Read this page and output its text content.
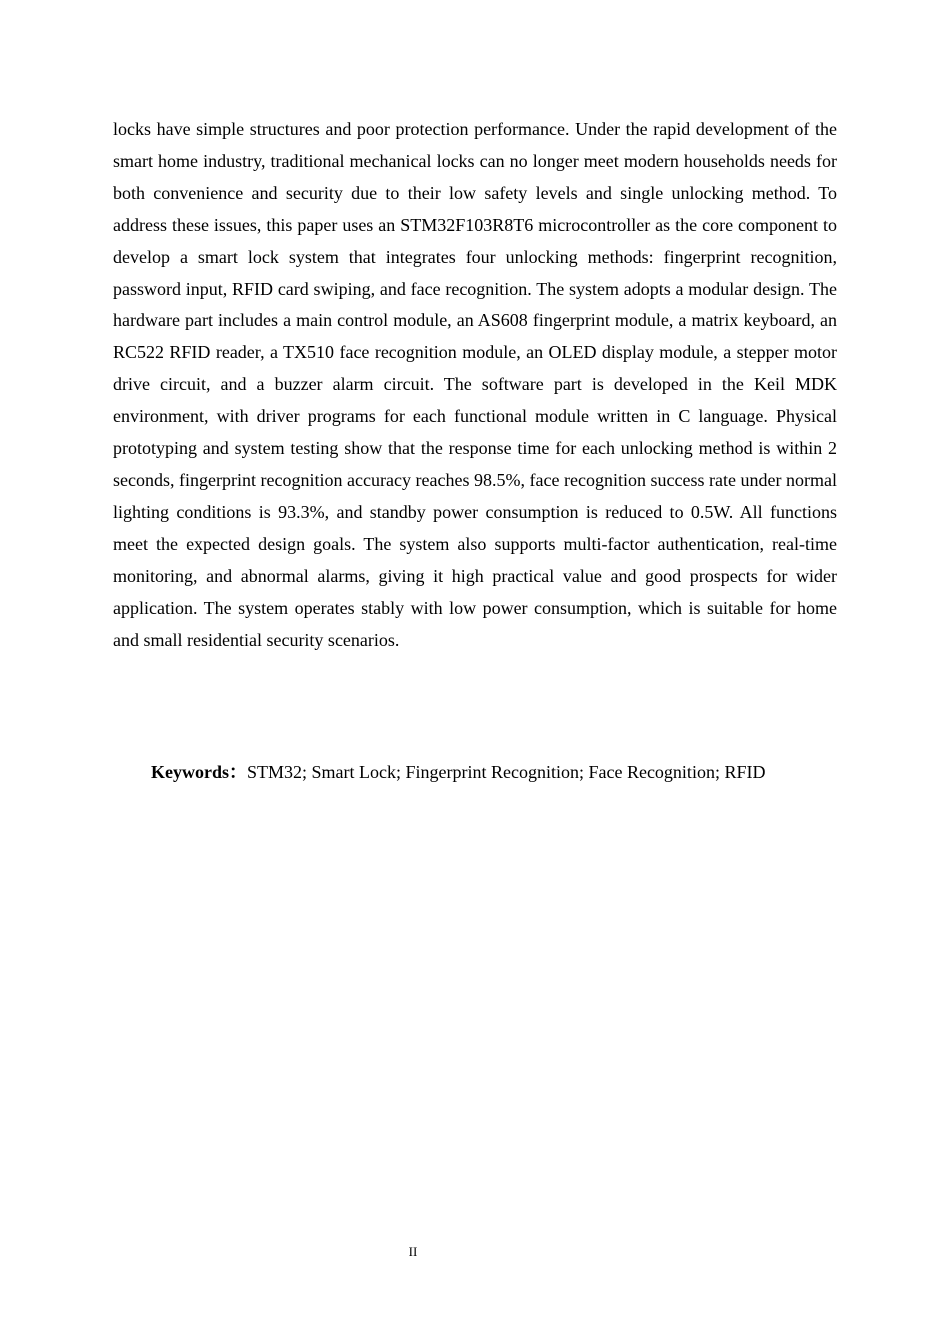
locks have simple structures and poor protection performance. Under the rapid development of the smart home industry, traditional mechanical locks can no longer meet modern households needs for both convenience and security due to their low safety levels and single unlocking method. To address these issues, this paper uses an STM32F103R8T6 microcontroller as the core component to develop a smart lock system that integrates four unlocking methods: fingerprint recognition, password input, RFID card swiping, and face recognition. The system adopts a modular design. The hardware part includes a main control module, an AS608 fingerprint module, a matrix keyboard, an RC522 RFID reader, a TX510 face recognition module, an OLED display module, a stepper motor drive circuit, and a buzzer alarm circuit. The software part is developed in the Keil MDK environment, with driver programs for each functional module written in C language. Physical prototyping and system testing show that the response time for each unlocking method is within 2 seconds, fingerprint recognition accuracy reaches 98.5%, face recognition success rate under normal lighting conditions is 93.3%, and standby power consumption is reduced to 0.5W. All functions meet the expected design goals. The system also supports multi-factor authentication, real-time monitoring, and abnormal alarms, giving it high practical value and good prospects for wider application. The system operates stably with low power consumption, which is suitable for home and small residential security scenarios.

Keywords：STM32; Smart Lock; Fingerprint Recognition; Face Recognition; RFID

II
